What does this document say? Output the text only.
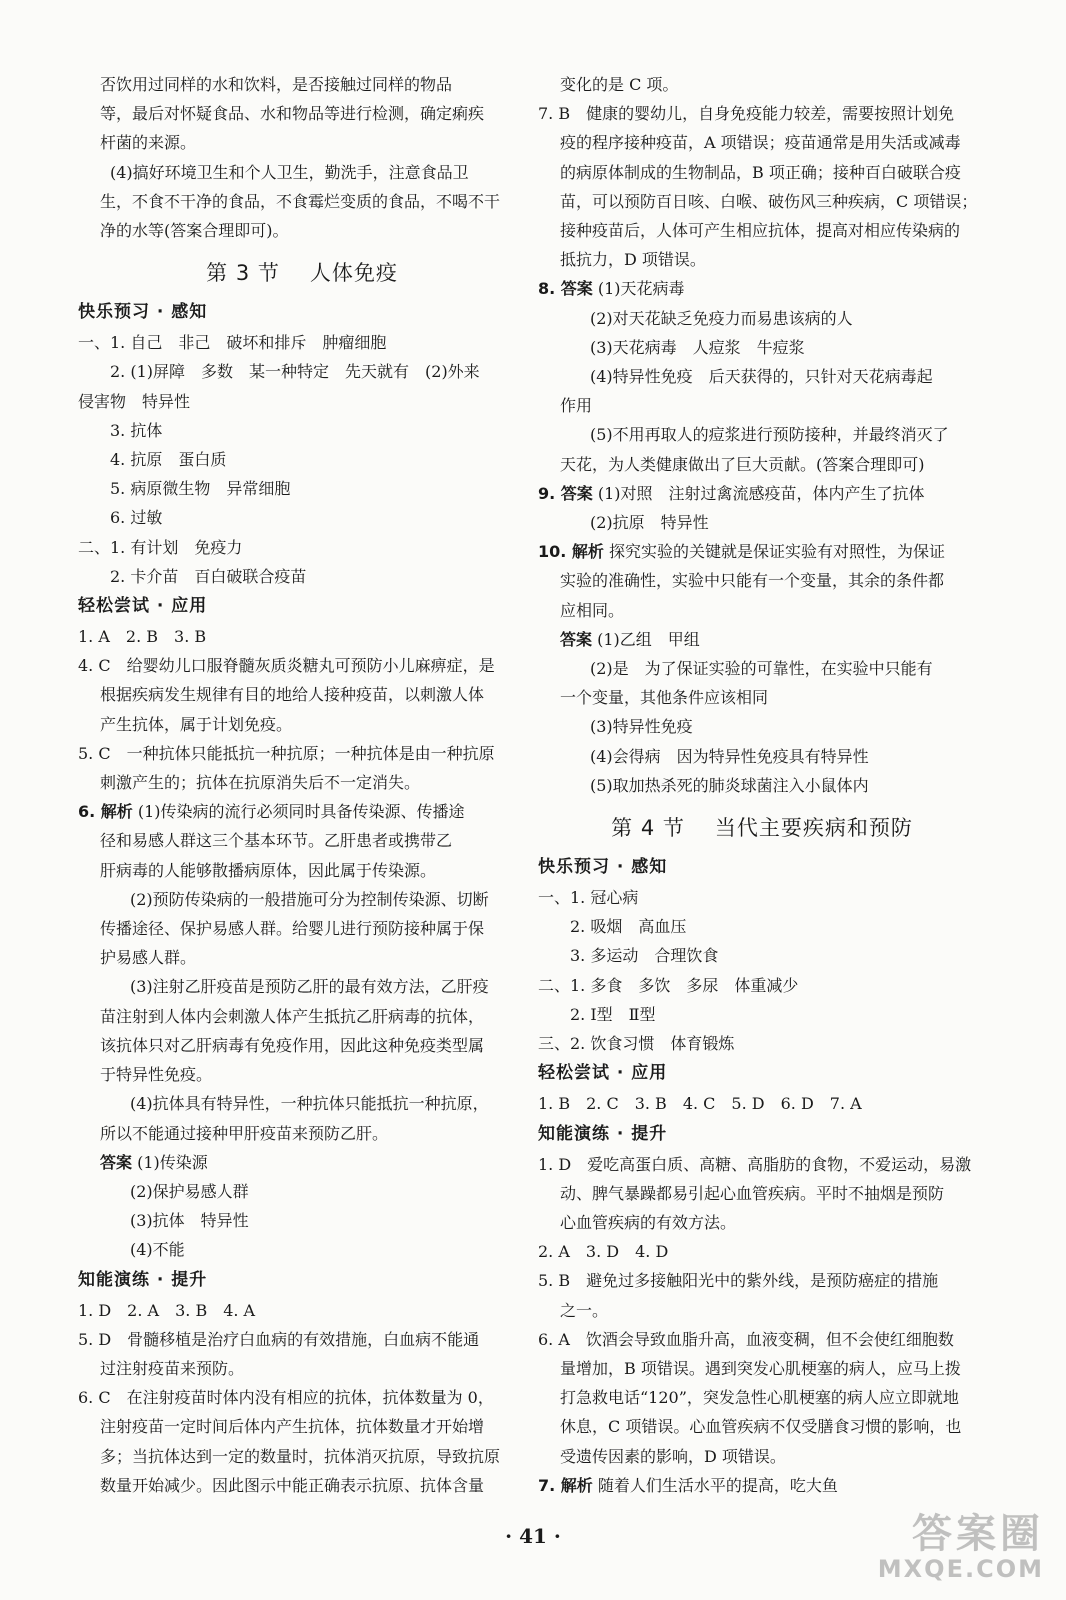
否饮用过同样的水和饮料，是否接触过同样的物品
等，最后对怀疑食品、水和物品等进行检测，确定痢疾
杆菌的来源。
(4)搞好环境卫生和个人卫生，勤洗手，注意食品卫
生，不食不干净的食品，不食霉烂变质的食品，不喝不干
净的水等(答案合理即可)。
第 3 节 人体免疫
快乐预习 · 感知
一、1. 自己　非己　破坏和排斥　肿瘤细胞
2. (1)屏障　多数　某一种特定　先天就有　(2)外来
侵害物　特异性
3. 抗体
4. 抗原　蛋白质
5. 病原微生物　异常细胞
6. 过敏
二、1. 有计划　免疫力
2. 卡介苗　百白破联合疫苗
轻松尝试 · 应用
1. A　2. B　3. B
4. C　给婴幼儿口服脊髓灰质炎糖丸可预防小儿麻痹症，是
根据疾病发生规律有目的地给人接种疫苗，以刺激人体
产生抗体，属于计划免疫。
5. C　一种抗体只能抵抗一种抗原；一种抗体是由一种抗原
刺激产生的；抗体在抗原消失后不一定消失。
6. 解析 (1)传染病的流行必须同时具备传染源、传播途
径和易感人群这三个基本环节。乙肝患者或携带乙
肝病毒的人能够散播病原体，因此属于传染源。
(2)预防传染病的一般措施可分为控制传染源、切断
传播途径、保护易感人群。给婴儿进行预防接种属于保
护易感人群。
(3)注射乙肝疫苗是预防乙肝的最有效方法，乙肝疫
苗注射到人体内会刺激人体产生抵抗乙肝病毒的抗体，
该抗体只对乙肝病毒有免疫作用，因此这种免疫类型属
于特异性免疫。
(4)抗体具有特异性，一种抗体只能抵抗一种抗原，
所以不能通过接种甲肝疫苗来预防乙肝。
答案 (1)传染源
(2)保护易感人群
(3)抗体　特异性
(4)不能
知能演练 · 提升
1. D　2. A　3. B　4. A
5. D　骨髓移植是治疗白血病的有效措施，白血病不能通
过注射疫苗来预防。
6. C　在注射疫苗时体内没有相应的抗体，抗体数量为 0，
注射疫苗一定时间后体内产生抗体，抗体数量才开始增
多；当抗体达到一定的数量时，抗体消灭抗原，导致抗原
数量开始减少。因此图示中能正确表示抗原、抗体含量
变化的是 C 项。
7. B　健康的婴幼儿，自身免疫能力较差，需要按照计划免
疫的程序接种疫苗，A 项错误；疫苗通常是用失活或减毒
的病原体制成的生物制品，B 项正确；接种百白破联合疫
苗，可以预防百日咳、白喉、破伤风三种疾病，C 项错误；
接种疫苗后，人体可产生相应抗体，提高对相应传染病的
抵抗力，D 项错误。
8. 答案 (1)天花病毒
(2)对天花缺乏免疫力而易患该病的人
(3)天花病毒　人痘浆　牛痘浆
(4)特异性免疫　后天获得的，只针对天花病毒起
作用
(5)不用再取人的痘浆进行预防接种，并最终消灭了
天花，为人类健康做出了巨大贡献。(答案合理即可)
9. 答案 (1)对照　注射过禽流感疫苗，体内产生了抗体
(2)抗原　特异性
10. 解析 探究实验的关键就是保证实验有对照性，为保证
实验的准确性，实验中只能有一个变量，其余的条件都
应相同。
答案 (1)乙组　甲组
(2)是　为了保证实验的可靠性，在实验中只能有
一个变量，其他条件应该相同
(3)特异性免疫
(4)会得病　因为特异性免疫具有特异性
(5)取加热杀死的肺炎球菌注入小鼠体内
第 4 节 当代主要疾病和预防
快乐预习 · 感知
一、1. 冠心病
2. 吸烟　高血压
3. 多运动　合理饮食
二、1. 多食　多饮　多尿　体重减少
2. Ⅰ型　Ⅱ型
三、2. 饮食习惯　体育锻炼
轻松尝试 · 应用
1. B　2. C　3. B　4. C　5. D　6. D　7. A
知能演练 · 提升
1. D　爱吃高蛋白质、高糖、高脂肪的食物，不爱运动，易激
动、脾气暴躁都易引起心血管疾病。平时不抽烟是预防
心血管疾病的有效方法。
2. A　3. D　4. D
5. B　避免过多接触阳光中的紫外线，是预防癌症的措施
之一。
6. A　饮酒会导致血脂升高，血液变稠，但不会使红细胞数
量增加，B 项错误。遇到突发心肌梗塞的病人，应马上拨
打急救电话“120”，突发急性心肌梗塞的病人应立即就地
休息，C 项错误。心血管疾病不仅受膳食习惯的影响，也
受遗传因素的影响，D 项错误。
7. 解析 随着人们生活水平的提高，吃大鱼
· 41 ·	答案圈
MXQE.COM
